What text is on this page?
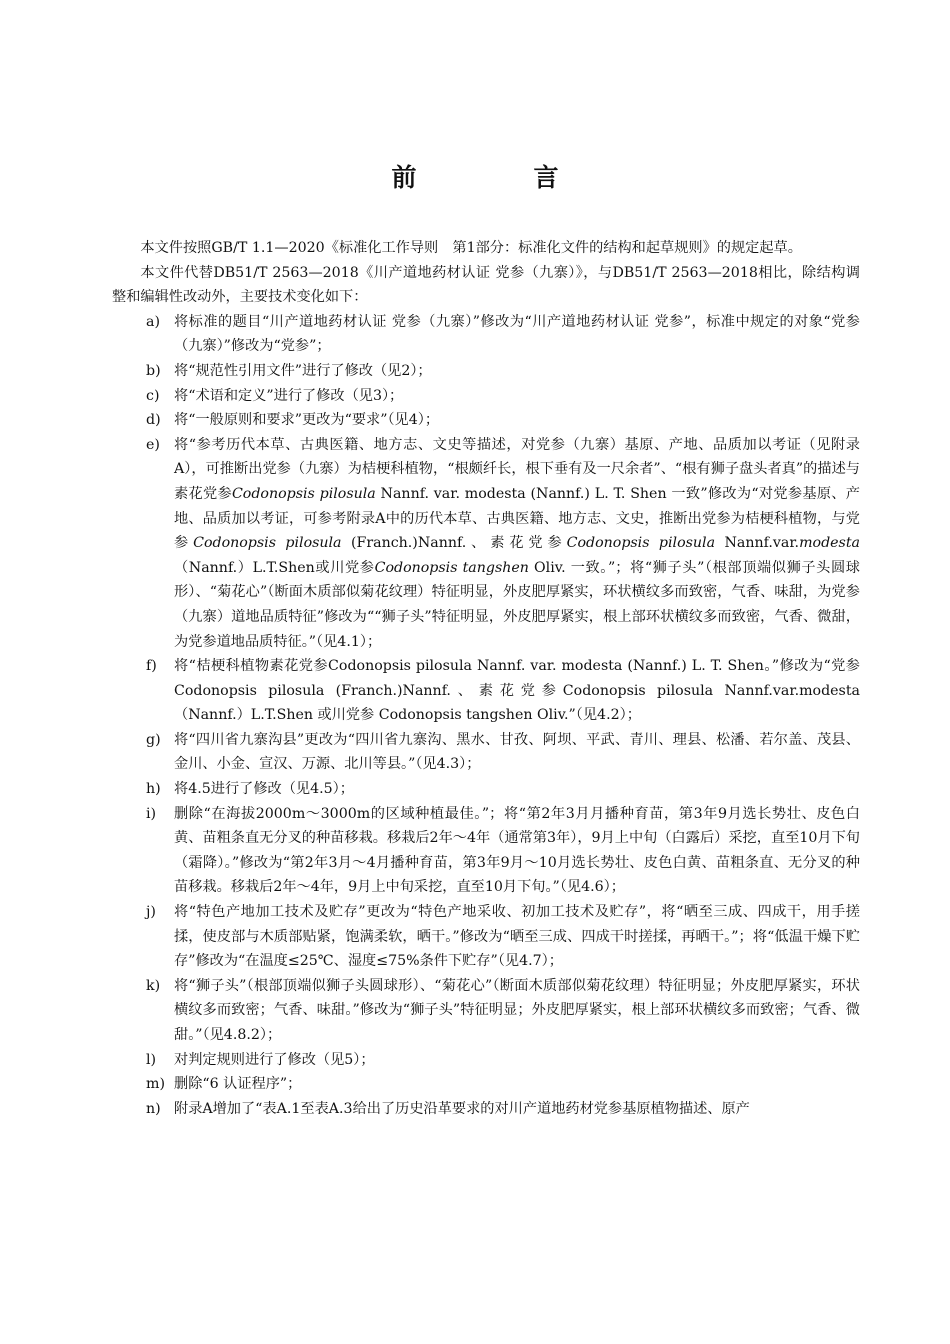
前　言

本文件按照GB/T 1.1—2020《标准化工作导则　第1部分：标准化文件的结构和起草规则》的规定起草。

本文件代替DB51/T 2563—2018《川产道地药材认证 党参（九寨）》，与DB51/T 2563—2018相比，除结构调整和编辑性改动外，主要技术变化如下：

a) 将标准的题目“川产道地药材认证 党参（九寨）”修改为“川产道地药材认证 党参”，标准中规定的对象“党参（九寨）”修改为“党参”；
b) 将“规范性引用文件”进行了修改（见2）；
c) 将“术语和定义”进行了修改（见3）；
d) 将“一般原则和要求”更改为“要求”（见4）；
e) 将“参考历代本草、古典医籍、地方志、文史等描述，对党参（九寨）基原、产地、品质加以考证（见附录A），可推断出党参（九寨）为桔梗科植物，“根颇纤长，根下垂有及一尺余者”、“根有狮子盘头者真”的描述与素花党参Codonopsis pilosula Nannf. var. modesta (Nannf.) L. T. Shen 一致”修改为“对党参基原、产地、品质加以考证，可参考附录A中的历代本草、古典医籍、地方志、文史，推断出党参为桔梗科植物，与党参Codonopsis pilosula (Franch.)Nannf.、素花党参Codonopsis pilosula Nannf.var.modesta（Nannf.）L.T.Shen或川党参Codonopsis tangshen Oliv. 一致。”；将“狮子头”（根部顶端似狮子头圆球形）、“菊花心”（断面木质部似菊花纹理）特征明显，外皮肥厚紧实，环状横纹多而致密，气香、味甜，为党参（九寨）道地品质特征”修改为““狮子头”特征明显，外皮肥厚紧实，根上部环状横纹多而致密，气香、微甜，为党参道地品质特征。”（见4.1）；
f) 将“桔梗科植物素花党参Codonopsis pilosula Nannf. var. modesta (Nannf.) L. T. Shen。”修改为“党参Codonopsis pilosula (Franch.)Nannf.、素花党参Codonopsis pilosula Nannf.var.modesta（Nannf.）L.T.Shen 或川党参 Codonopsis tangshen Oliv.”（见4.2）；
g) 将“四川省九寨沟县”更改为“四川省九寨沟、黑水、甘孜、阿坝、平武、青川、理县、松潘、若尔盖、茂县、金川、小金、宣汉、万源、北川等县。”（见4.3）；
h) 将4.5进行了修改（见4.5）；
i) 删除“在海拔2000m～3000m的区域种植最佳。”；将“第2年3月月播种育苗，第3年9月选长势壮、皮色白黄、苗粗条直无分叉的种苗移栽。移栽后2年～4年（通常第3年），9月上中旬（白露后）采挖，直至10月下旬（霜降）。”修改为“第2年3月～4月播种育苗，第3年9月～10月选长势壮、皮色白黄、苗粗条直、无分叉的种苗移栽。移栽后2年～4年，9月上中旬采挖，直至10月下旬。”（见4.6）；
j) 将“特色产地加工技术及贮存”更改为“特色产地采收、初加工技术及贮存”，将“晒至三成、四成干，用手搓揉，使皮部与木质部贴紧，饱满柔软，晒干。”修改为“晒至三成、四成干时搓揉，再晒干。”；将“低温干燥下贮存”修改为“在温度≤25℃、湿度≤75%条件下贮存”（见4.7）；
k) 将“狮子头”（根部顶端似狮子头圆球形）、“菊花心”（断面木质部似菊花纹理）特征明显；外皮肥厚紧实，环状横纹多而致密；气香、味甜。”修改为“狮子头”特征明显；外皮肥厚紧实，根上部环状横纹多而致密；气香、微甜。”（见4.8.2）；
l) 对判定规则进行了修改（见5）；
m) 删除“6 认证程序”；
n) 附录A增加了“表A.1至表A.3给出了历史沿革要求的对川产道地药材党参基原植物描述、原产
